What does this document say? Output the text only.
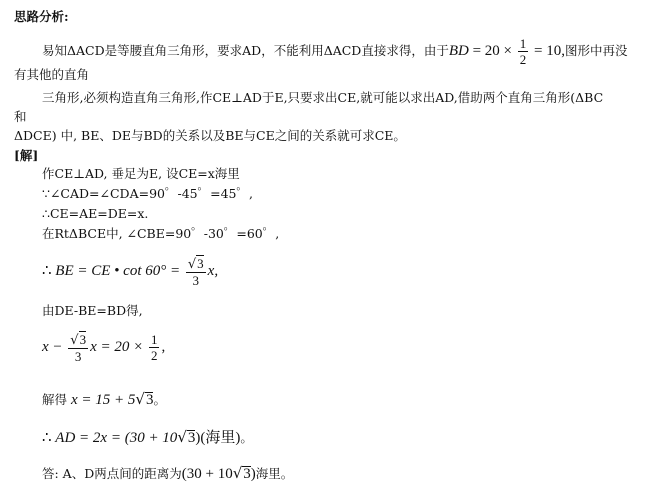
思路分析:
易知ΔACD是等腰直角三角形，要求AD，不能利用ΔACD直接求得，由于BD = $20 \times \frac{1}{2} = 10$,图形中再没
有其他的直角
三角形,必须构造直角三角形,作CE⊥AD于E,只要求出CE,就可能以求出AD,借助两个直角三角形(ΔBC
和
ΔDCE) 中, BE、DE与BD的关系以及BE与CE之间的关系就可求CE。
[解]
作CE⊥AD, 垂足为E, 设CE=x海里
∵∠CAD=∠CDA=90゜-45゜=45゜,
∴CE=AE=DE=x.
在RtΔBCE中, ∠CBE=90゜-30゜=60゜,
∴ BE = CE • $\cot 60^\circ = \frac{√3}{3} x$,
由DE-BE=BD得,
$x - \frac{√3}{3}$ $x = 20 \times \frac{1}{2}$ ,
解得 x = 15 + 5√3。
∴ AD = 2x = (30 + 10√3)(海里)。
答: A、D两点间的距离为(30 + 10√3)海里。
